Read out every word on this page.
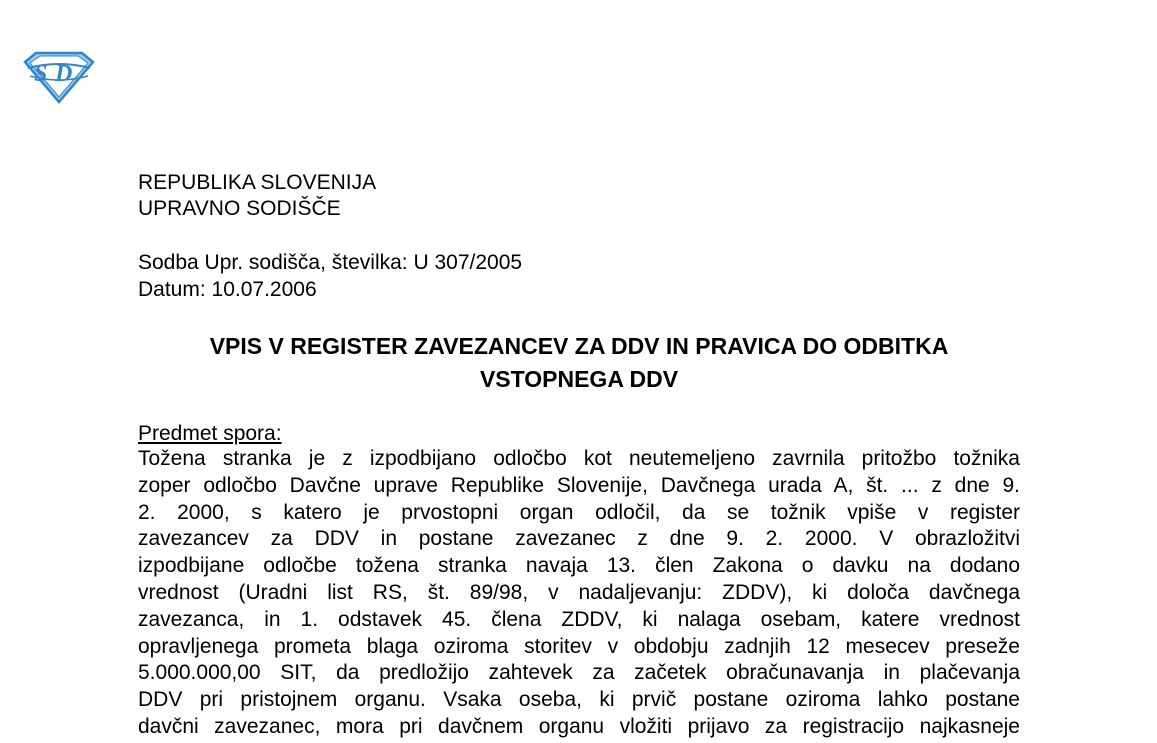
S D
REPUBLIKA SLOVENIJA
UPRAVNO SODIŠČE
Sodba Upr. sodišča, številka: U 307/2005
Datum: 10.07.2006
VPIS V REGISTER ZAVEZANCEV ZA DDV IN PRAVICA DO ODBITKA
VSTOPNEGA DDV
Predmet spora:
Tožena stranka je z izpodbijano odločbo kot neutemeljeno zavrnila pritožbo tožnika
zoper odločbo Davčne uprave Republike Slovenije, Davčnega urada A, št. ... z dne 9.
2. 2000, s katero je prvostopni organ odločil, da se tožnik vpiše v register
zavezancev za DDV in postane zavezanec z dne 9. 2. 2000. V obrazložitvi
izpodbijane odločbe tožena stranka navaja 13. člen Zakona o davku na dodano
vrednost (Uradni list RS, št. 89/98, v nadaljevanju: ZDDV), ki določa davčnega
zavezanca, in 1. odstavek 45. člena ZDDV, ki nalaga osebam, katere vrednost
opravljenega prometa blaga oziroma storitev v obdobju zadnjih 12 mesecev preseže
5.000.000,00 SIT, da predložijo zahtevek za začetek obračunavanja in plačevanja
DDV pri pristojnem organu. Vsaka oseba, ki prvič postane oziroma lahko postane
davčni zavezanec, mora pri davčnem organu vložiti prijavo za registracijo najkasneje
